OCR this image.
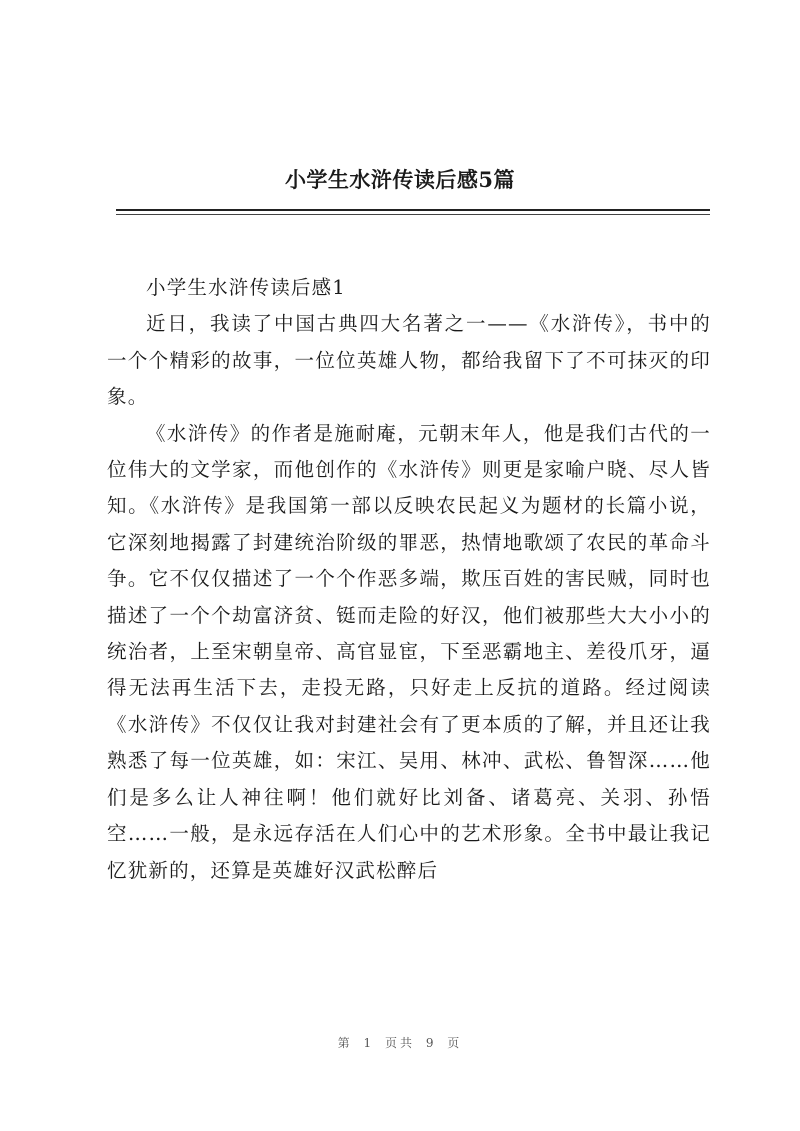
小学生水浒传读后感5篇

小学生水浒传读后感1

近日，我读了中国古典四大名著之一——《水浒传》，书中的一个个精彩的故事，一位位英雄人物，都给我留下了不可抹灭的印象。

《水浒传》的作者是施耐庵，元朝末年人，他是我们古代的一位伟大的文学家，而他创作的《水浒传》则更是家喻户晓、尽人皆知。《水浒传》是我国第一部以反映农民起义为题材的长篇小说，它深刻地揭露了封建统治阶级的罪恶，热情地歌颂了农民的革命斗争。它不仅仅描述了一个个作恶多端，欺压百姓的害民贼，同时也描述了一个个劫富济贫、铤而走险的好汉，他们被那些大大小小的统治者，上至宋朝皇帝、高官显宦，下至恶霸地主、差役爪牙，逼得无法再生活下去，走投无路，只好走上反抗的道路。经过阅读《水浒传》不仅仅让我对封建社会有了更本质的了解，并且还让我熟悉了每一位英雄，如：宋江、吴用、林冲、武松、鲁智深……他们是多么让人神往啊！他们就好比刘备、诸葛亮、关羽、孙悟空……一般，是永远存活在人们心中的艺术形象。全书中最让我记忆犹新的，还算是英雄好汉武松醉后

第 1 页共 9 页
